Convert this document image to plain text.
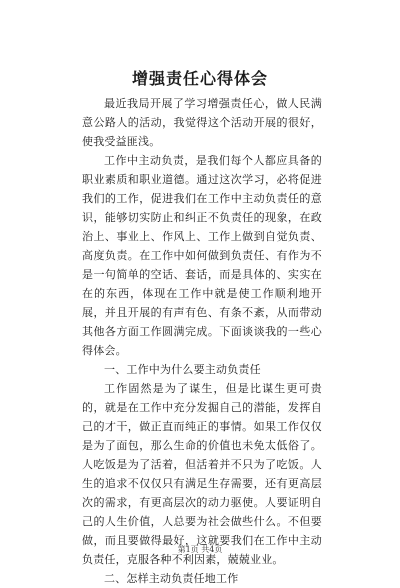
增强责任心得体会

最近我局开展了学习增强责任心，做人民满意公路人的活动，我觉得这个活动开展的很好，使我受益匪浅。

工作中主动负责，是我们每个人都应具备的职业素质和职业道德。通过这次学习，必将促进我们的工作，促进我们在工作中主动负责任的意识，能够切实防止和纠正不负责任的现象，在政治上、事业上、作风上、工作上做到自觉负责、高度负责。在工作中如何做到负责任、有作为不是一句简单的空话、套话，而是具体的、实实在在的东西，体现在工作中就是使工作顺利地开展，并且开展的有声有色、有条不紊，从而带动其他各方面工作圆满完成。下面谈谈我的一些心得体会。

一、工作中为什么要主动负责任

工作固然是为了谋生，但是比谋生更可贵的，就是在工作中充分发掘自己的潜能，发挥自己的才干，做正直而纯正的事情。如果工作仅仅是为了面包，那么生命的价值也未免太低俗了。人吃饭是为了活着，但活着并不只为了吃饭。人生的追求不仅仅只有满足生存需要，还有更高层次的需求，有更高层次的动力驱使。人要证明自己的人生价值，人总要为社会做些什么。不但要做，而且要做得最好，这就要我们在工作中主动负责任，克服各种不利因素，兢兢业业。

二、怎样主动负责任地工作

第1页 共4页
